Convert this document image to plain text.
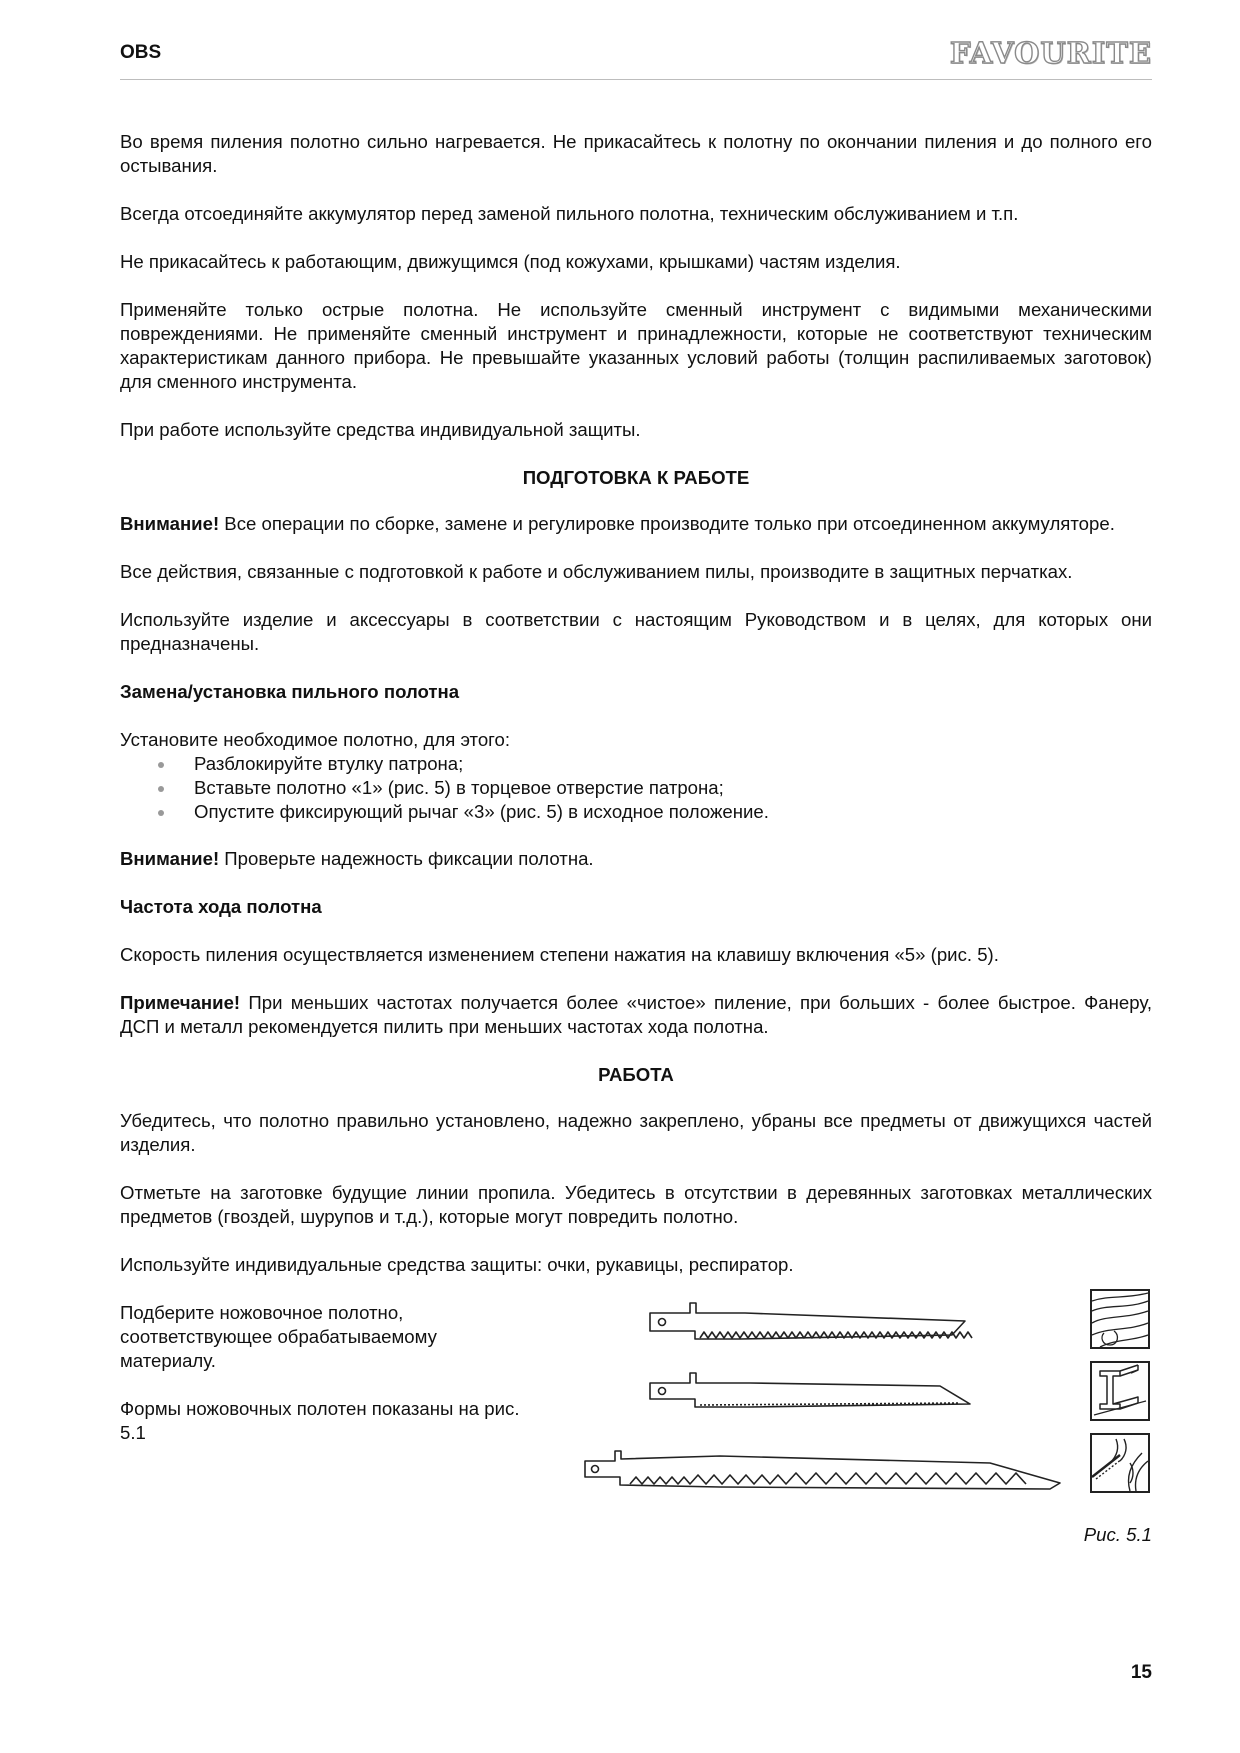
OBS	FAVOURITE

Во время пиления полотно сильно нагревается. Не прикасайтесь к полотну по окончании пиления и до полного его остывания.

Всегда отсоединяйте аккумулятор перед заменой пильного полотна, техническим обслуживанием и т.п.

Не прикасайтесь к работающим, движущимся (под кожухами, крышками) частям изделия.

Применяйте только острые полотна. Не используйте сменный инструмент с видимыми механическими повреждениями. Не применяйте сменный инструмент и принадлежности, которые не соответствуют техническим характеристикам данного прибора. Не превышайте указанных условий работы (толщин распиливаемых заготовок) для сменного инструмента.

При работе используйте средства индивидуальной защиты.

ПОДГОТОВКА К РАБОТЕ

Внимание! Все операции по сборке, замене и регулировке производите только при отсоединенном аккумуляторе.

Все действия, связанные с подготовкой к работе и обслуживанием пилы, производите в защитных перчатках.

Используйте изделие и аксессуары в соответствии с настоящим Руководством и в целях, для которых они предназначены.

Замена/установка пильного полотна

Установите необходимое полотно, для этого:

Разблокируйте втулку патрона;
Вставьте полотно «1» (рис. 5) в торцевое отверстие патрона;
Опустите фиксирующий рычаг «3» (рис. 5) в исходное положение.

Внимание! Проверьте надежность фиксации полотна.

Частота хода полотна

Скорость пиления осуществляется изменением степени нажатия на клавишу включения «5» (рис. 5).

Примечание! При меньших частотах получается более «чистое» пиление, при больших - более быстрое. Фанеру, ДСП и металл рекомендуется пилить при меньших частотах хода полотна.

РАБОТА

Убедитесь, что полотно правильно установлено, надежно закреплено, убраны все предметы от движущихся частей изделия.

Отметьте на заготовке будущие линии пропила. Убедитесь в отсутствии в деревянных заготовках металлических предметов (гвоздей, шурупов и т.д.), которые могут повредить полотно.

Используйте индивидуальные средства защиты: очки, рукавицы, респиратор.

Подберите ножовочное полотно, соответствующее обрабатываемому материалу.

Формы ножовочных полотен показаны на рис. 5.1

Рис. 5.1
15
